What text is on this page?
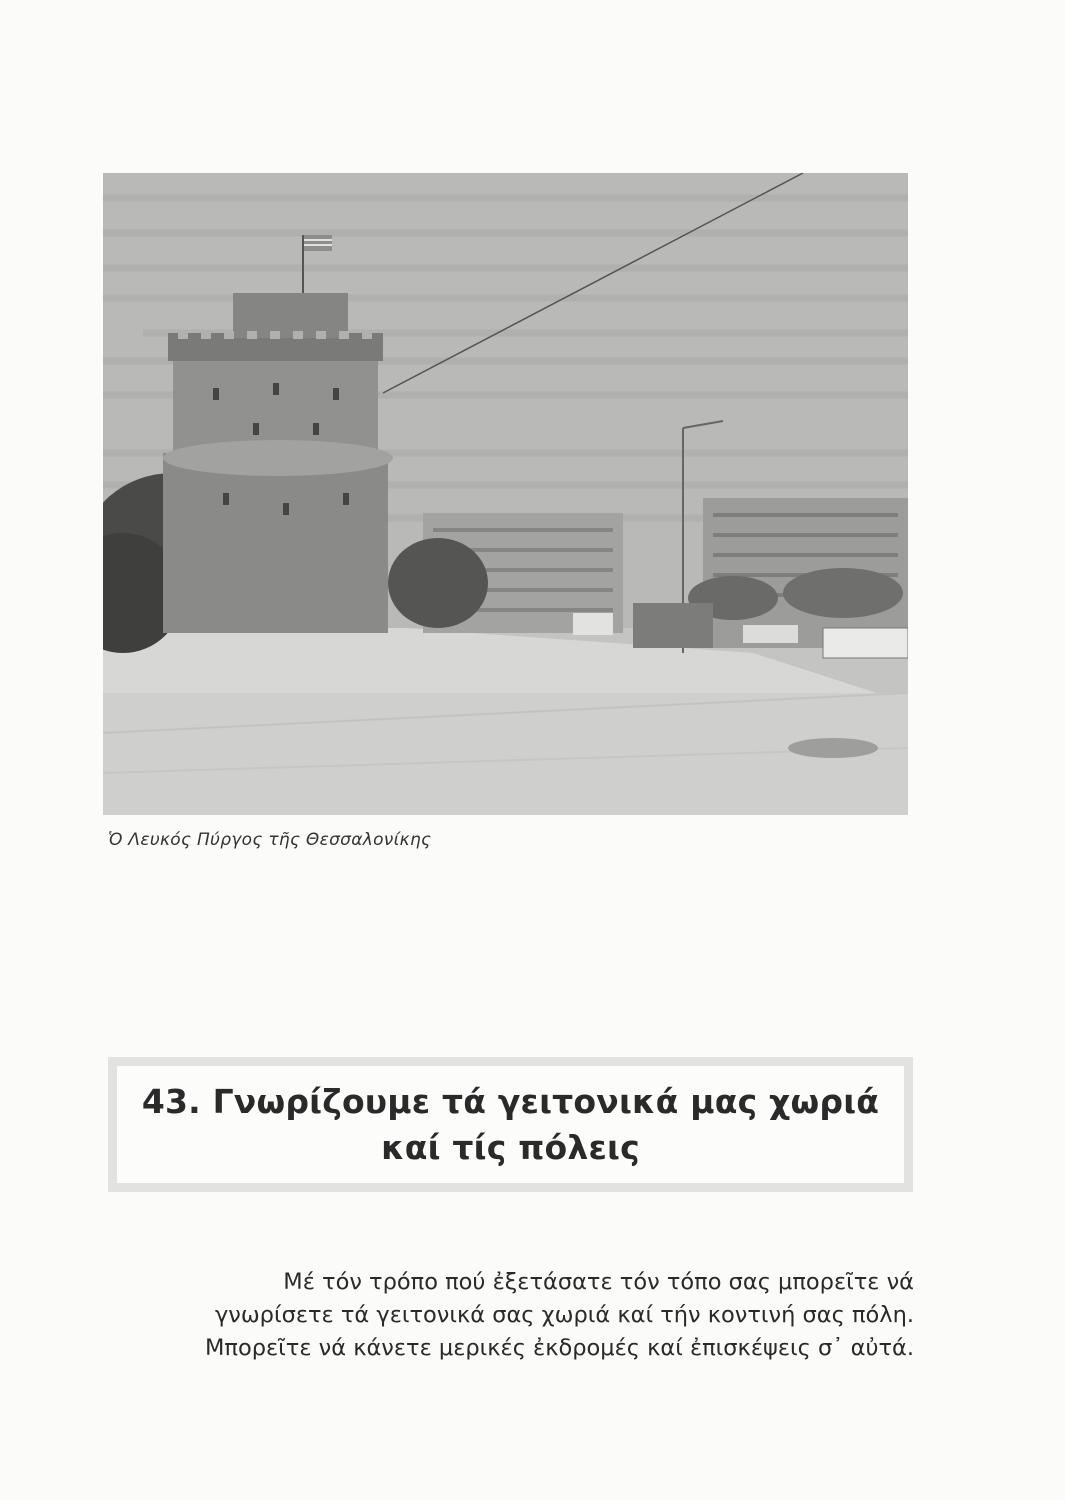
Ὁ Λευκός Πύργος τῆς Θεσσαλονίκης
43. Γνωρίζουμε τά γειτονικά μας χωριά
καί τίς πόλεις
Μέ τόν τρόπο πού ἐξετάσατε τόν τόπο σας μπορεῖτε νά
γνωρίσετε τά γειτονικά σας χωριά καί τήν κοντινή σας πόλη.
Μπορεῖτε νά κάνετε μερικές ἐκδρομές καί ἐπισκέψεις σ᾽ αὐτά.
